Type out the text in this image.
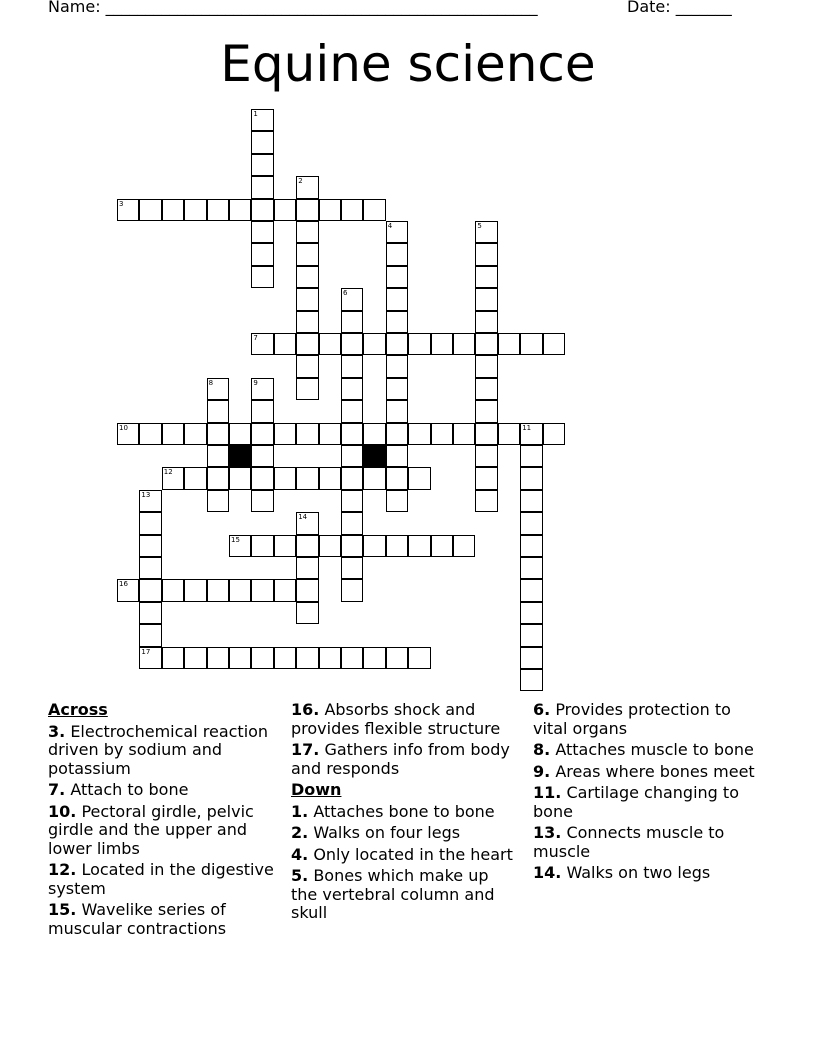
Name: ______________________________________________________	Date: _______
Equine science
1
2
3
4	5
6
7
8	9
10	11
12
13
17
14
15
16
Across
3. Electrochemical reaction driven by sodium and potassium
7. Attach to bone
10. Pectoral girdle, pelvic girdle and the upper and lower limbs
12. Located in the digestive system
15. Wavelike series of muscular contractions
16. Absorbs shock and provides flexible structure
17. Gathers info from body and responds
Down
1. Attaches bone to bone
2. Walks on four legs
4. Only located in the heart
5. Bones which make up the vertebral column and skull
6. Provides protection to vital organs
8. Attaches muscle to bone
9. Areas where bones meet
11. Cartilage changing to bone
13. Connects muscle to muscle
14. Walks on two legs
